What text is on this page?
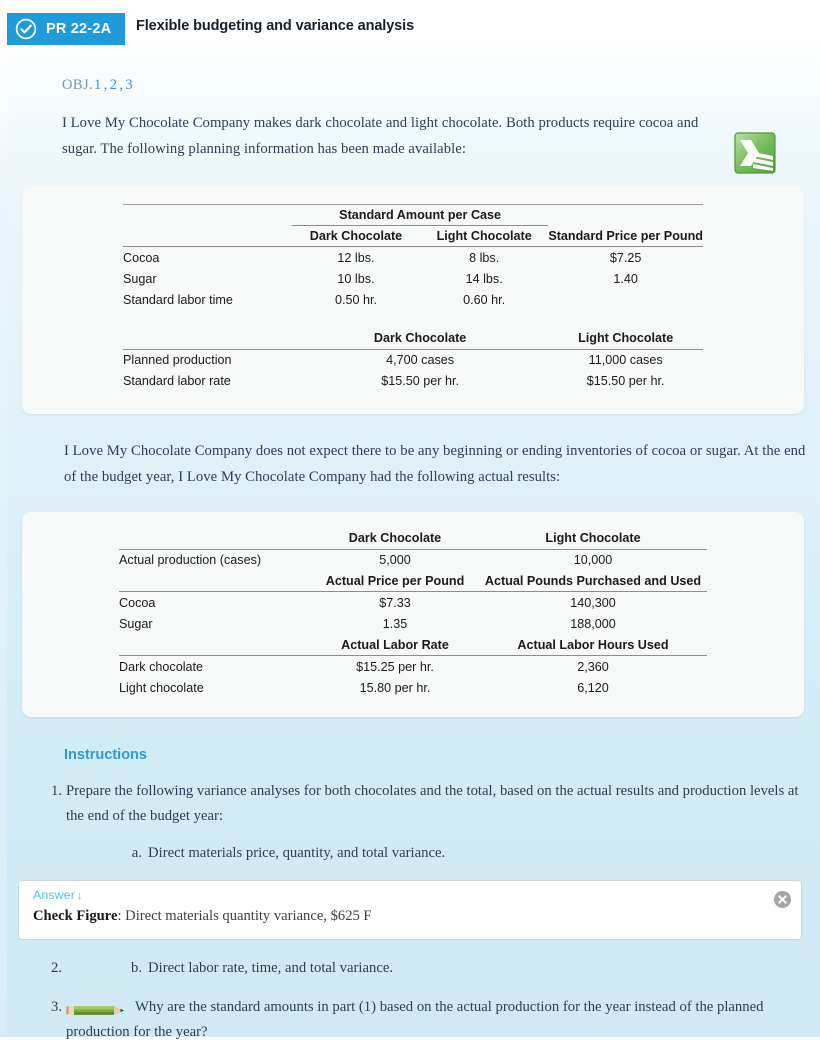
PR 22-2A Flexible budgeting and variance analysis
OBJ.1 , 2 , 3
I Love My Chocolate Company makes dark chocolate and light chocolate. Both products require cocoa and sugar. The following planning information has been made available:
	Standard Amount per Case		
	Dark Chocolate	Light Chocolate	Standard Price per Pound
Cocoa	12 lbs.	8 lbs.	$7.25
Sugar	10 lbs.	14 lbs.	1.40
Standard labor time	0.50 hr.	0.60 hr.	

	Dark Chocolate		Light Chocolate
Planned production	4,700 cases		11,000 cases
Standard labor rate	$15.50 per hr.		$15.50 per hr.
I Love My Chocolate Company does not expect there to be any beginning or ending inventories of cocoa or sugar. At the end of the budget year, I Love My Chocolate Company had the following actual results:
	Dark Chocolate	Light Chocolate
Actual production (cases)	5,000	10,000
	Actual Price per Pound	Actual Pounds Purchased and Used
Cocoa	$7.33	140,300
Sugar	1.35	188,000
	Actual Labor Rate	Actual Labor Hours Used
Dark chocolate	$15.25 per hr.	2,360
Light chocolate	15.80 per hr.	6,120
Instructions
Prepare the following variance analyses for both chocolates and the total, based on the actual results and production levels at the end of the budget year:
Direct materials price, quantity, and total variance.
Answer ↓
Check Figure: Direct materials quantity variance, $625 F
Direct labor rate, time, and total variance.
Why are the standard amounts in part (1) based on the actual production for the year instead of the planned production for the year?
